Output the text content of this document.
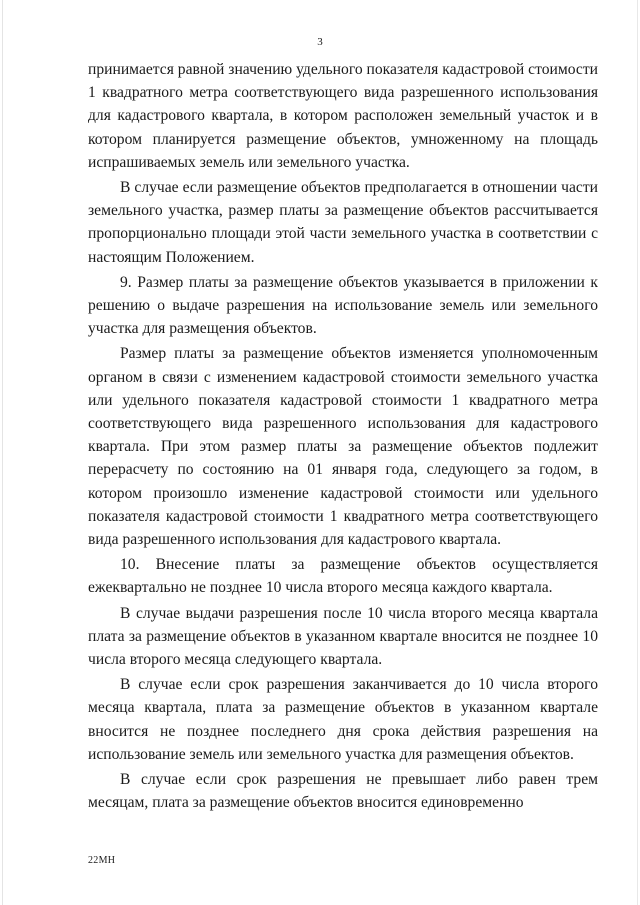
3

принимается равной значению удельного показателя кадастровой стоимости 1 квадратного метра соответствующего вида разрешенного использования для кадастрового квартала, в котором расположен земельный участок и в котором планируется размещение объектов, умноженному на площадь испрашиваемых земель или земельного участка.

В случае если размещение объектов предполагается в отношении части земельного участка, размер платы за размещение объектов рассчитывается пропорционально площади этой части земельного участка в соответствии с настоящим Положением.

9. Размер платы за размещение объектов указывается в приложении к решению о выдаче разрешения на использование земель или земельного участка для размещения объектов.

Размер платы за размещение объектов изменяется уполномоченным органом в связи с изменением кадастровой стоимости земельного участка или удельного показателя кадастровой стоимости 1 квадратного метра соответствующего вида разрешенного использования для кадастрового квартала. При этом размер платы за размещение объектов подлежит перерасчету по состоянию на 01 января года, следующего за годом, в котором произошло изменение кадастровой стоимости или удельного показателя кадастровой стоимости 1 квадратного метра соответствующего вида разрешенного использования для кадастрового квартала.

10. Внесение платы за размещение объектов осуществляется ежеквартально не позднее 10 числа второго месяца каждого квартала.

В случае выдачи разрешения после 10 числа второго месяца квартала плата за размещение объектов в указанном квартале вносится не позднее 10 числа второго месяца следующего квартала.

В случае если срок разрешения заканчивается до 10 числа второго месяца квартала, плата за размещение объектов в указанном квартале вносится не позднее последнего дня срока действия разрешения на использование земель или земельного участка для размещения объектов.

В случае если срок разрешения не превышает либо равен трем месяцам, плата за размещение объектов вносится единовременно

22МН
